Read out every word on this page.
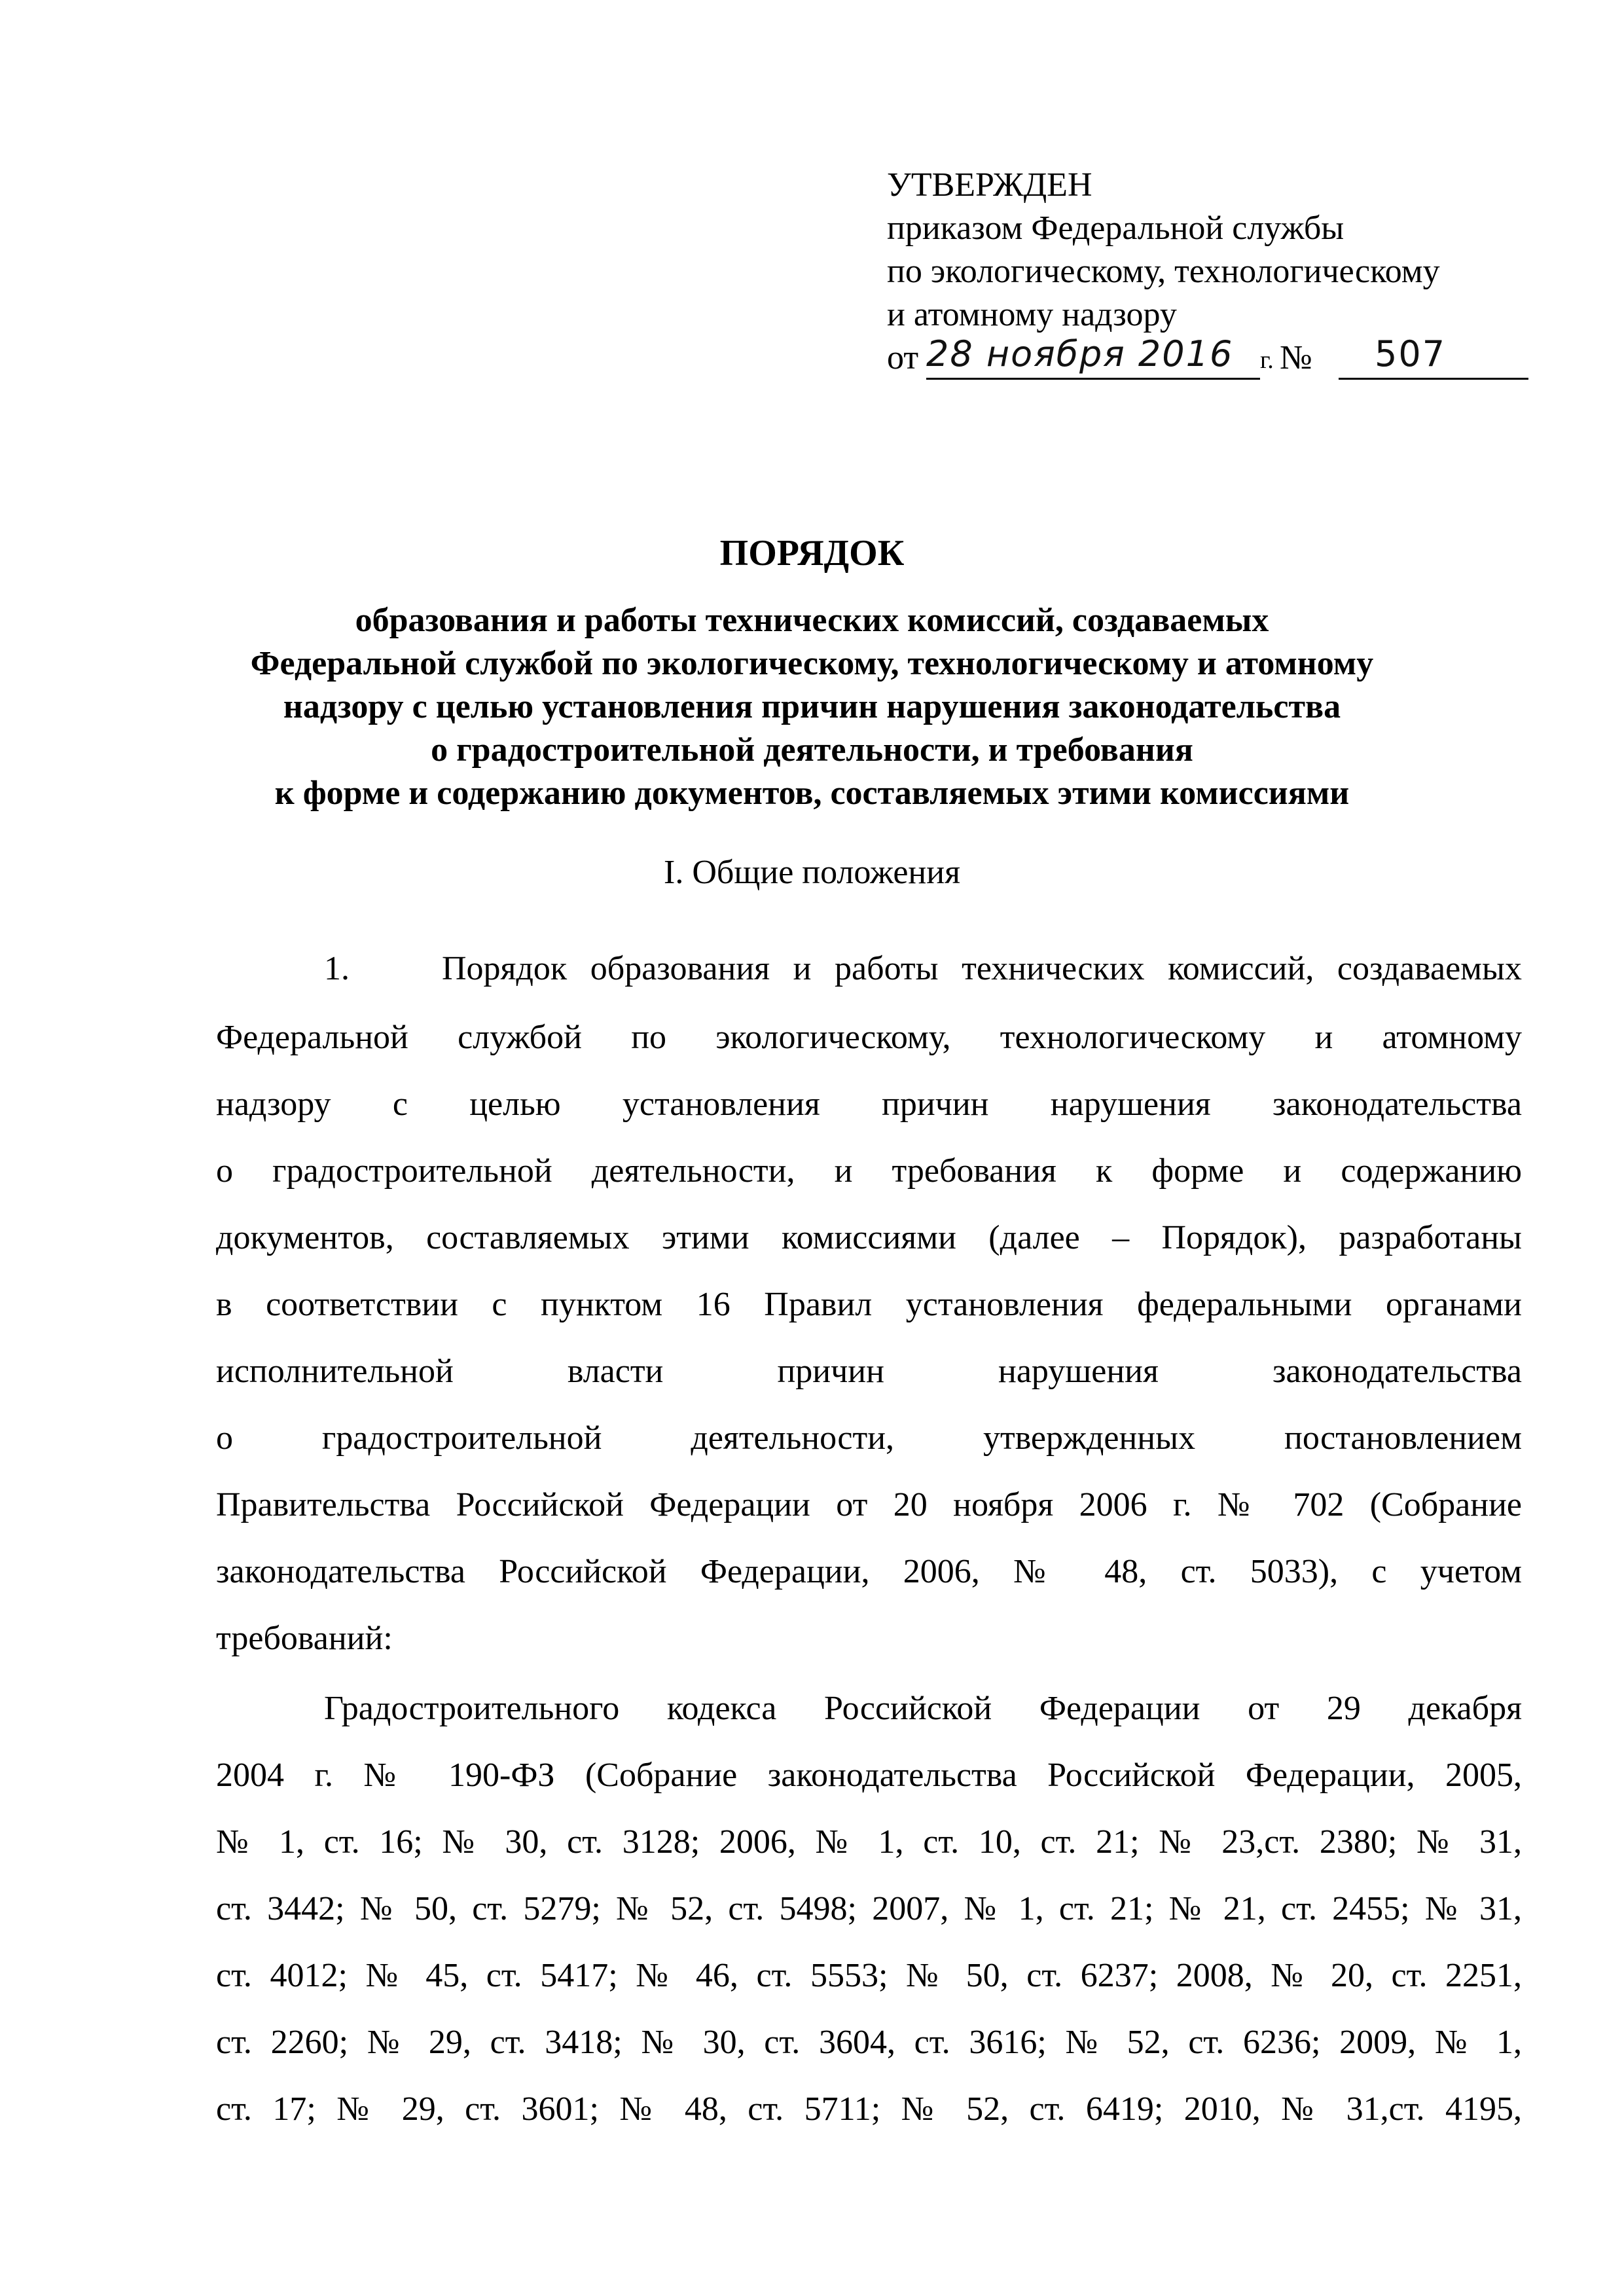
УТВЕРЖДЕН
приказом Федеральной службы
по экологическому, технологическому
и атомному надзору
от 28 ноября 2016 г. № 507
ПОРЯДОК
образования и работы технических комиссий, создаваемых
Федеральной службой по экологическому, технологическому и атомному
надзору с целью установления причин нарушения законодательства
о градостроительной деятельности, и требования
к форме и содержанию документов, составляемых этими комиссиями
I. Общие положения
1.	Порядок образования и работы технических комиссий, создаваемых
Федеральной службой по экологическому, технологическому и атомному
надзору с целью установления причин нарушения законодательства
о градостроительной деятельности, и требования к форме и содержанию
документов, составляемых этими комиссиями (далее – Порядок), разработаны
в соответствии с пунктом 16 Правил установления федеральными органами
исполнительной власти причин нарушения законодательства
о градостроительной деятельности, утвержденных постановлением
Правительства Российской Федерации от 20 ноября 2006 г. № 702 (Собрание
законодательства Российской Федерации, 2006, № 48, ст. 5033), с учетом
требований:
Градостроительного кодекса Российской Федерации от 29 декабря
2004 г. № 190-ФЗ (Собрание законодательства Российской Федерации, 2005,
№ 1, ст. 16; № 30, ст. 3128; 2006, № 1, ст. 10, ст. 21; № 23,ст. 2380; № 31,
ст. 3442; № 50, ст. 5279; № 52, ст. 5498; 2007, № 1, ст. 21; № 21, ст. 2455; № 31,
ст. 4012; № 45, ст. 5417; № 46, ст. 5553; № 50, ст. 6237; 2008, № 20, ст. 2251,
ст. 2260; № 29, ст. 3418; № 30, ст. 3604, ст. 3616; № 52, ст. 6236; 2009, № 1,
ст. 17; № 29, ст. 3601; № 48, ст. 5711; № 52, ст. 6419; 2010, № 31,ст. 4195,
